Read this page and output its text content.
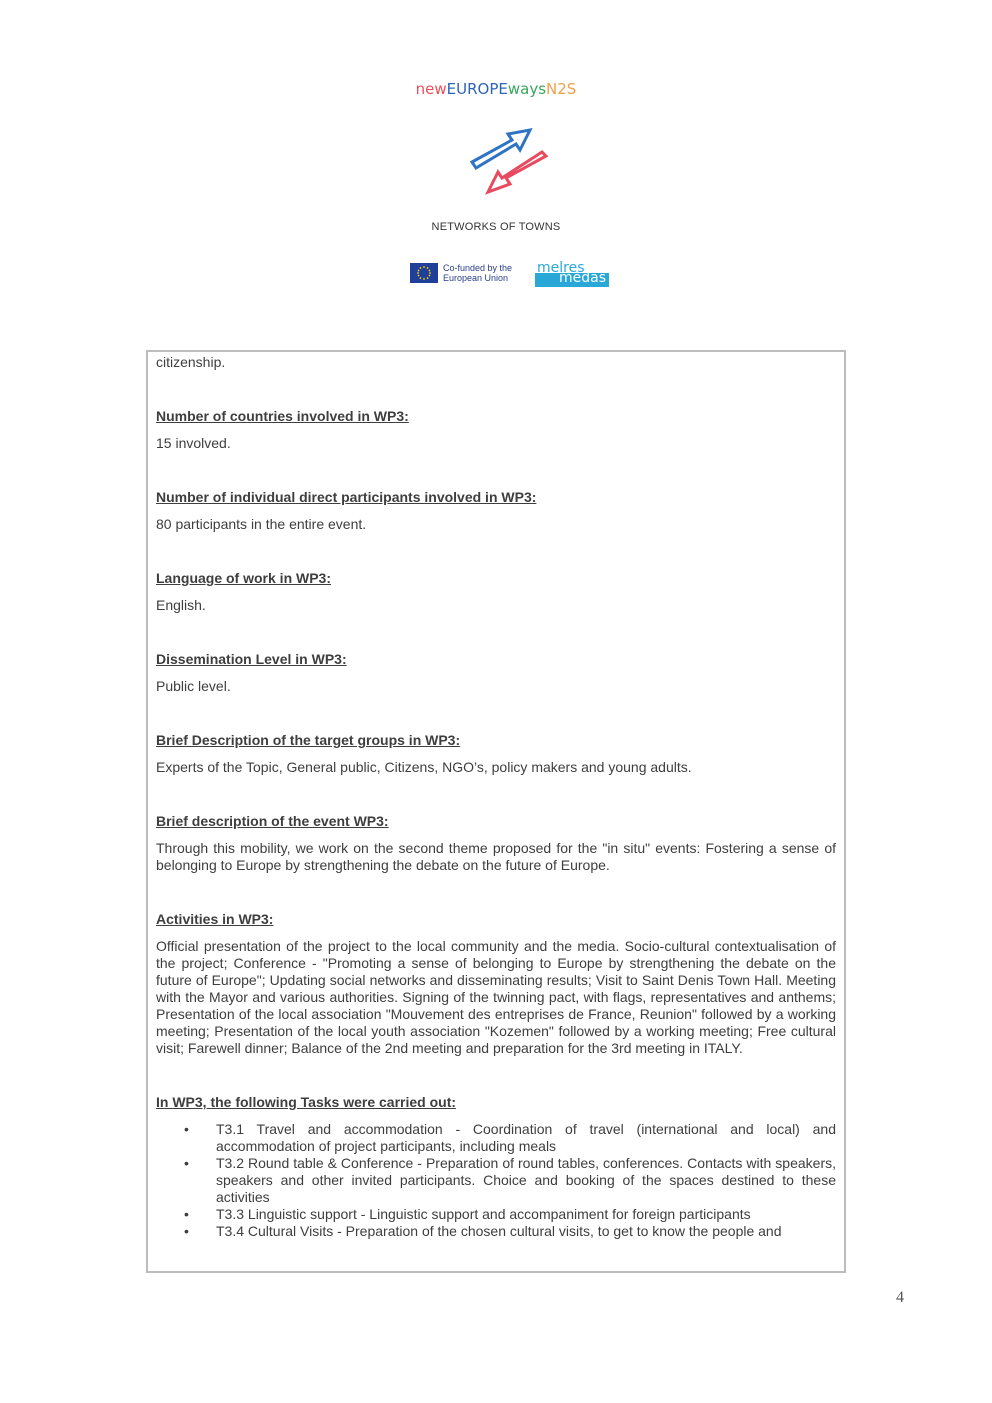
newEUROPEwaysN2S
NETWORKS OF TOWNS
Co-funded by the
European Union
melres
medas

citizenship.

Number of countries involved in WP3:

15 involved.

Number of individual direct participants involved in WP3:

80 participants in the entire event.

Language of work in WP3:

English.

Dissemination Level in WP3:

Public level.

Brief Description of the target groups in WP3:

Experts of the Topic, General public, Citizens, NGO’s, policy makers and young adults.

Brief description of the event WP3:

Through this mobility, we work on the second theme proposed for the "in situ" events: Fostering a sense of belonging to Europe by strengthening the debate on the future of Europe.

Activities in WP3:

Official presentation of the project to the local community and the media. Socio-cultural contextualisation of the project; Conference - "Promoting a sense of belonging to Europe by strengthening the debate on the future of Europe"; Updating social networks and disseminating results; Visit to Saint Denis Town Hall. Meeting with the Mayor and various authorities. Signing of the twinning pact, with flags, representatives and anthems; Presentation of the local association "Mouvement des entreprises de France, Reunion" followed by a working meeting; Presentation of the local youth association "Kozemen" followed by a working meeting; Free cultural visit; Farewell dinner; Balance of the 2nd meeting and preparation for the 3rd meeting in ITALY.

In WP3, the following Tasks were carried out:

• T3.1 Travel and accommodation - Coordination of travel (international and local) and accommodation of project participants, including meals
• T3.2 Round table & Conference - Preparation of round tables, conferences. Contacts with speakers, speakers and other invited participants. Choice and booking of the spaces destined to these activities
• T3.3 Linguistic support - Linguistic support and accompaniment for foreign participants
• T3.4 Cultural Visits - Preparation of the chosen cultural visits, to get to know the people and
4
